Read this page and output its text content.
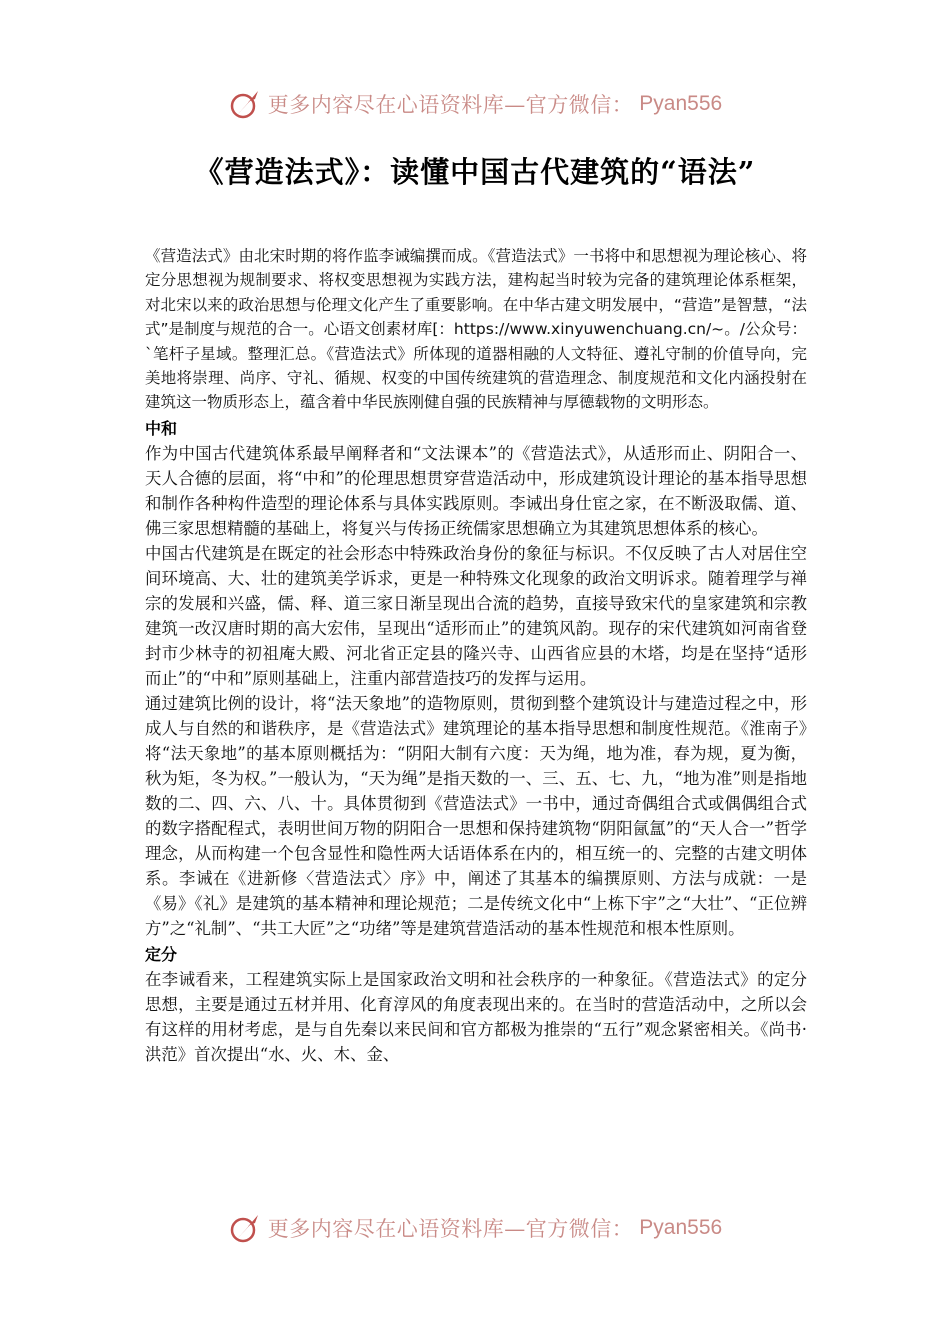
更多内容尽在心语资料库—官方微信： Pyan556
《营造法式》：读懂中国古代建筑的“语法”

《营造法式》由北宋时期的将作监李诫编撰而成。《营造法式》一书将中和思想视为理论核心、将定分思想视为规制要求、将权变思想视为实践方法，建构起当时较为完备的建筑理论体系框架，对北宋以来的政治思想与伦理文化产生了重要影响。在中华古建文明发展中，“营造”是智慧，“法式”是制度与规范的合一。心语文创素材库[：https://www.xinyuwenchuang.cn/~。/公众号：`笔杆子星域。整理汇总。《营造法式》所体现的道器相融的人文特征、遵礼守制的价值导向，完美地将崇理、尚序、守礼、循规、权变的中国传统建筑的营造理念、制度规范和文化内涵投射在建筑这一物质形态上，蕴含着中华民族刚健自强的民族精神与厚德载物的文明形态。

中和

作为中国古代建筑体系最早阐释者和“文法课本”的《营造法式》，从适形而止、阴阳合一、天人合德的层面，将“中和”的伦理思想贯穿营造活动中，形成建筑设计理论的基本指导思想和制作各种构件造型的理论体系与具体实践原则。李诫出身仕宦之家，在不断汲取儒、道、佛三家思想精髓的基础上，将复兴与传扬正统儒家思想确立为其建筑思想体系的核心。

中国古代建筑是在既定的社会形态中特殊政治身份的象征与标识。不仅反映了古人对居住空间环境高、大、壮的建筑美学诉求，更是一种特殊文化现象的政治文明诉求。随着理学与禅宗的发展和兴盛，儒、释、道三家日渐呈现出合流的趋势，直接导致宋代的皇家建筑和宗教建筑一改汉唐时期的高大宏伟，呈现出“适形而止”的建筑风韵。现存的宋代建筑如河南省登封市少林寺的初祖庵大殿、河北省正定县的隆兴寺、山西省应县的木塔，均是在坚持“适形而止”的“中和”原则基础上，注重内部营造技巧的发挥与运用。

通过建筑比例的设计，将“法天象地”的造物原则，贯彻到整个建筑设计与建造过程之中，形成人与自然的和谐秩序，是《营造法式》建筑理论的基本指导思想和制度性规范。《淮南子》将“法天象地”的基本原则概括为：“阴阳大制有六度：天为绳，地为准，春为规，夏为衡，秋为矩，冬为权。”一般认为，“天为绳”是指天数的一、三、五、七、九，“地为准”则是指地数的二、四、六、八、十。具体贯彻到《营造法式》一书中，通过奇偶组合式或偶偶组合式的数字搭配程式，表明世间万物的阴阳合一思想和保持建筑物“阴阳氤氲”的“天人合一”哲学理念，从而构建一个包含显性和隐性两大话语体系在内的，相互统一的、完整的古建文明体系。李诫在《进新修〈营造法式〉序》中，阐述了其基本的编撰原则、方法与成就：一是《易》《礼》是建筑的基本精神和理论规范；二是传统文化中“上栋下宇”之“大壮”、“正位辨方”之“礼制”、“共工大匠”之“功绪”等是建筑营造活动的基本性规范和根本性原则。

定分

在李诫看来，工程建筑实际上是国家政治文明和社会秩序的一种象征。《营造法式》的定分思想，主要是通过五材并用、化育淳风的角度表现出来的。在当时的营造活动中，之所以会有这样的用材考虑，是与自先秦以来民间和官方都极为推崇的“五行”观念紧密相关。《尚书·洪范》首次提出“水、火、木、金、

更多内容尽在心语资料库—官方微信： Pyan556
